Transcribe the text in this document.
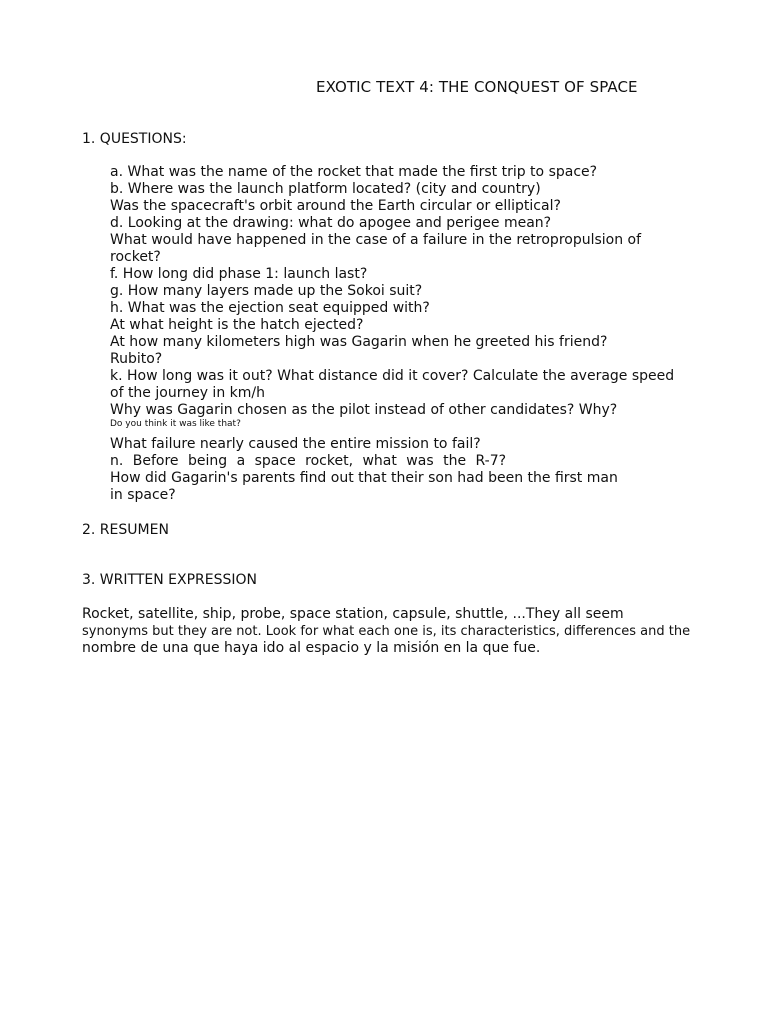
EXOTIC TEXT 4: THE CONQUEST OF SPACE
1. QUESTIONS:
a. What was the name of the rocket that made the first trip to space?
b. Where was the launch platform located? (city and country)
Was the spacecraft's orbit around the Earth circular or elliptical?
d. Looking at the drawing: what do apogee and perigee mean?
What would have happened in the case of a failure in the retropropulsion of
rocket?
f. How long did phase 1: launch last?
g. How many layers made up the Sokoi suit?
h. What was the ejection seat equipped with?
At what height is the hatch ejected?
At how many kilometers high was Gagarin when he greeted his friend?
Rubito?
k. How long was it out? What distance did it cover? Calculate the average speed
of the journey in km/h
Why was Gagarin chosen as the pilot instead of other candidates? Why?
Do you think it was like that?
What failure nearly caused the entire mission to fail?
n. Before being a space rocket, what was the R-7?
How did Gagarin's parents find out that their son had been the first man
in space?
2. RESUMEN
3. WRITTEN EXPRESSION
Rocket, satellite, ship, probe, space station, capsule, shuttle, ...They all seem
synonyms but they are not. Look for what each one is, its characteristics, differences and the
nombre de una que haya ido al espacio y la misión en la que fue.
